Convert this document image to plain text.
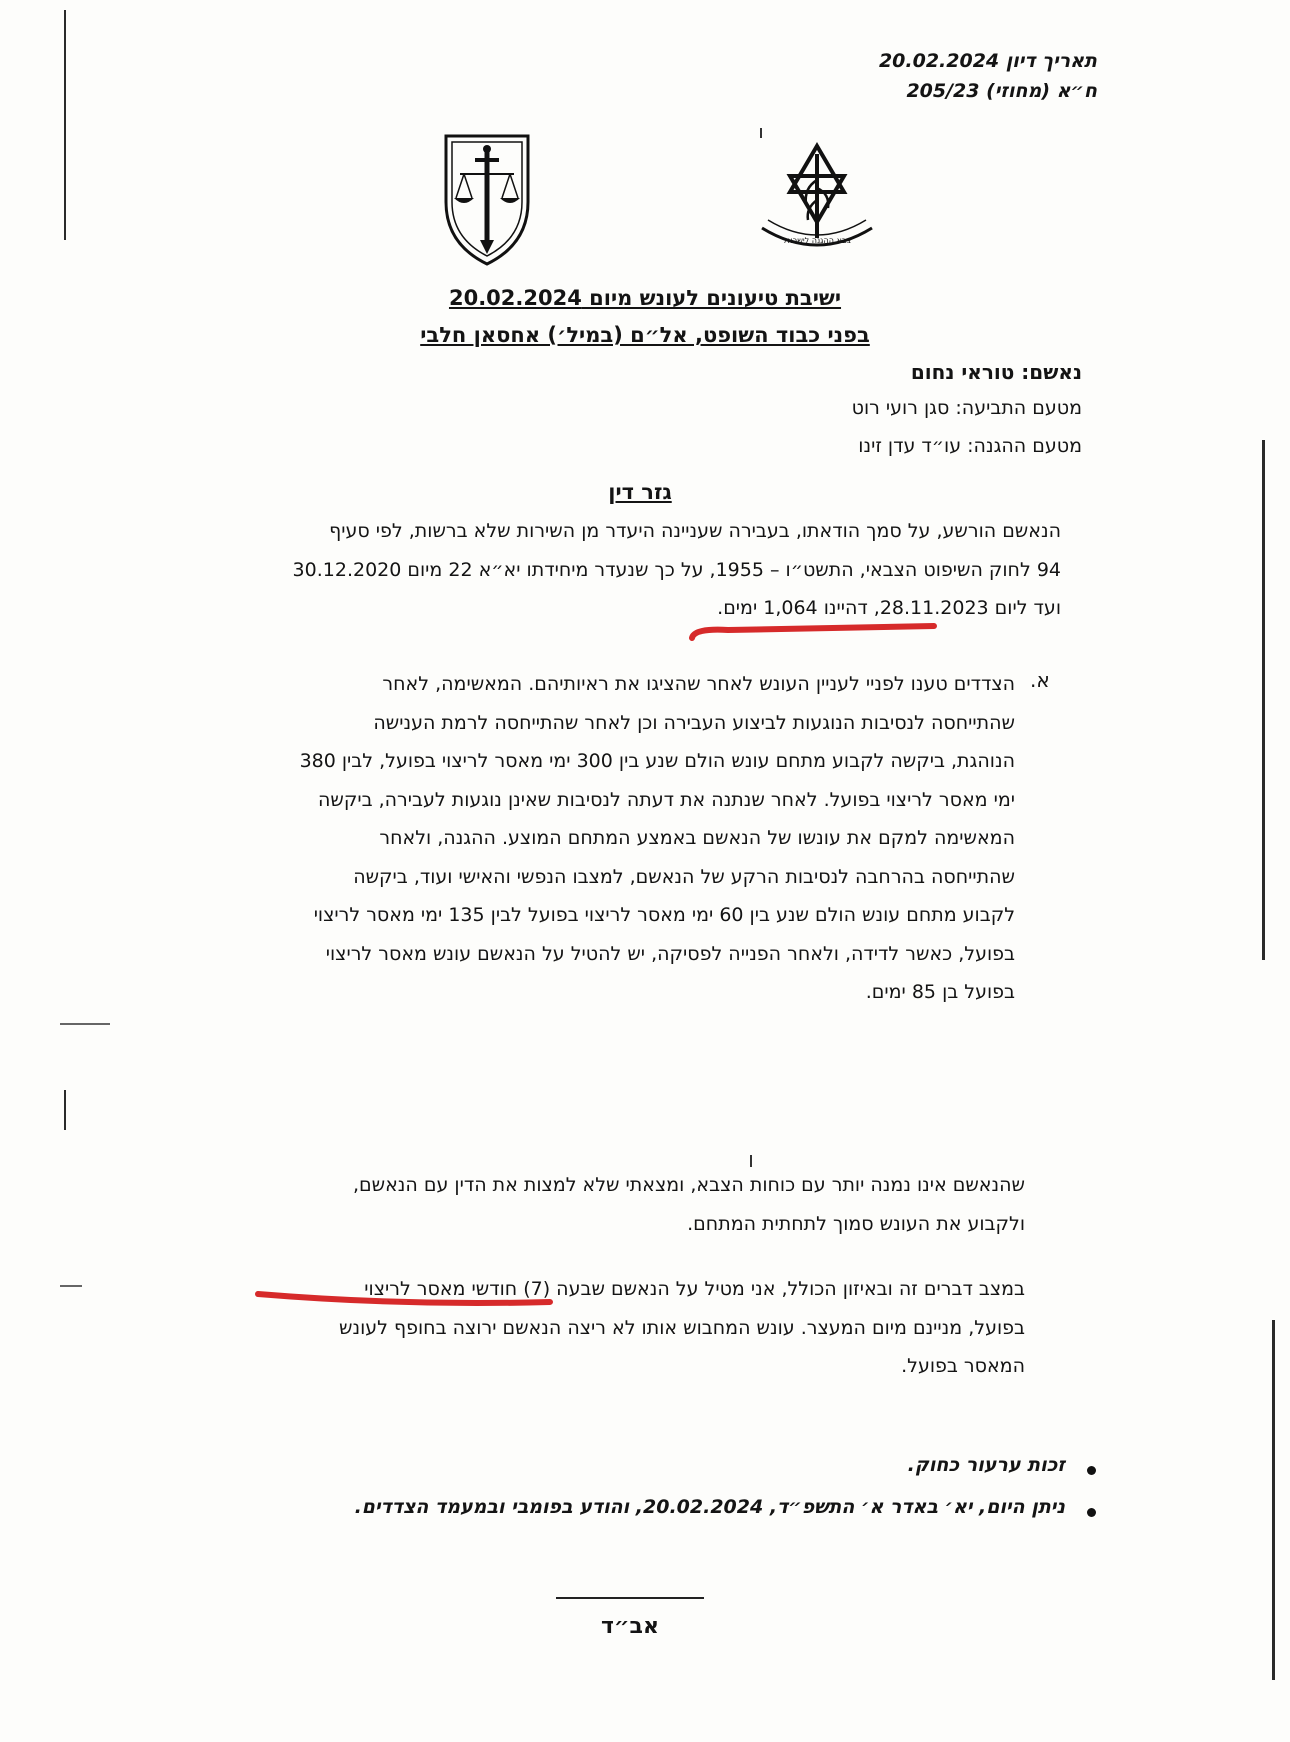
תאריך דיון 20.02.2024
ח״א (מחוזי) 205/23
צבא ההגנה לישראל
ישיבת טיעונים לעונש מיום 20.02.2024
בפני כבוד השופט, אל״ם (במיל׳) אחסאן חלבי
נאשם: טוראי נחום
מטעם התביעה: סגן רועי רוט
מטעם ההגנה: עו״ד עדן זינו
גזר דין
הנאשם הורשע, על סמך הודאתו, בעבירה שעניינה היעדר מן השירות שלא ברשות, לפי סעיף
94 לחוק השיפוט הצבאי, התשט״ו – 1955, על כך שנעדר מיחידתו יא״א 22 מיום 30.12.2020
ועד ליום 28.11.2023, דהיינו 1,064 ימים.
א.
הצדדים טענו לפניי לעניין העונש לאחר שהציגו את ראיותיהם. המאשימה, לאחר
שהתייחסה לנסיבות הנוגעות לביצוע העבירה וכן לאחר שהתייחסה לרמת הענישה
הנוהגת, ביקשה לקבוע מתחם עונש הולם שנע בין 300 ימי מאסר לריצוי בפועל, לבין 380
ימי מאסר לריצוי בפועל. לאחר שנתנה את דעתה לנסיבות שאינן נוגעות לעבירה, ביקשה
המאשימה למקם את עונשו של הנאשם באמצע המתחם המוצע. ההגנה, ולאחר
שהתייחסה בהרחבה לנסיבות הרקע של הנאשם, למצבו הנפשי והאישי ועוד, ביקשה
לקבוע מתחם עונש הולם שנע בין 60 ימי מאסר לריצוי בפועל לבין 135 ימי מאסר לריצוי
בפועל, כאשר לדידה, ולאחר הפנייה לפסיקה, יש להטיל על הנאשם עונש מאסר לריצוי
בפועל בן 85 ימים.
שהנאשם אינו נמנה יותר עם כוחות הצבא, ומצאתי שלא למצות את הדין עם הנאשם,
ולקבוע את העונש סמוך לתחתית המתחם.
במצב דברים זה ובאיזון הכולל, אני מטיל על הנאשם שבעה (7) חודשי מאסר לריצוי
בפועל, מניינם מיום המעצר. עונש המחבוש אותו לא ריצה הנאשם ירוצה בחופף לעונש
המאסר בפועל.
זכות ערעור כחוק.
ניתן היום, יא׳ באדר א׳ התשפ״ד, 20.02.2024, והודע בפומבי ובמעמד הצדדים.
אב״ד
